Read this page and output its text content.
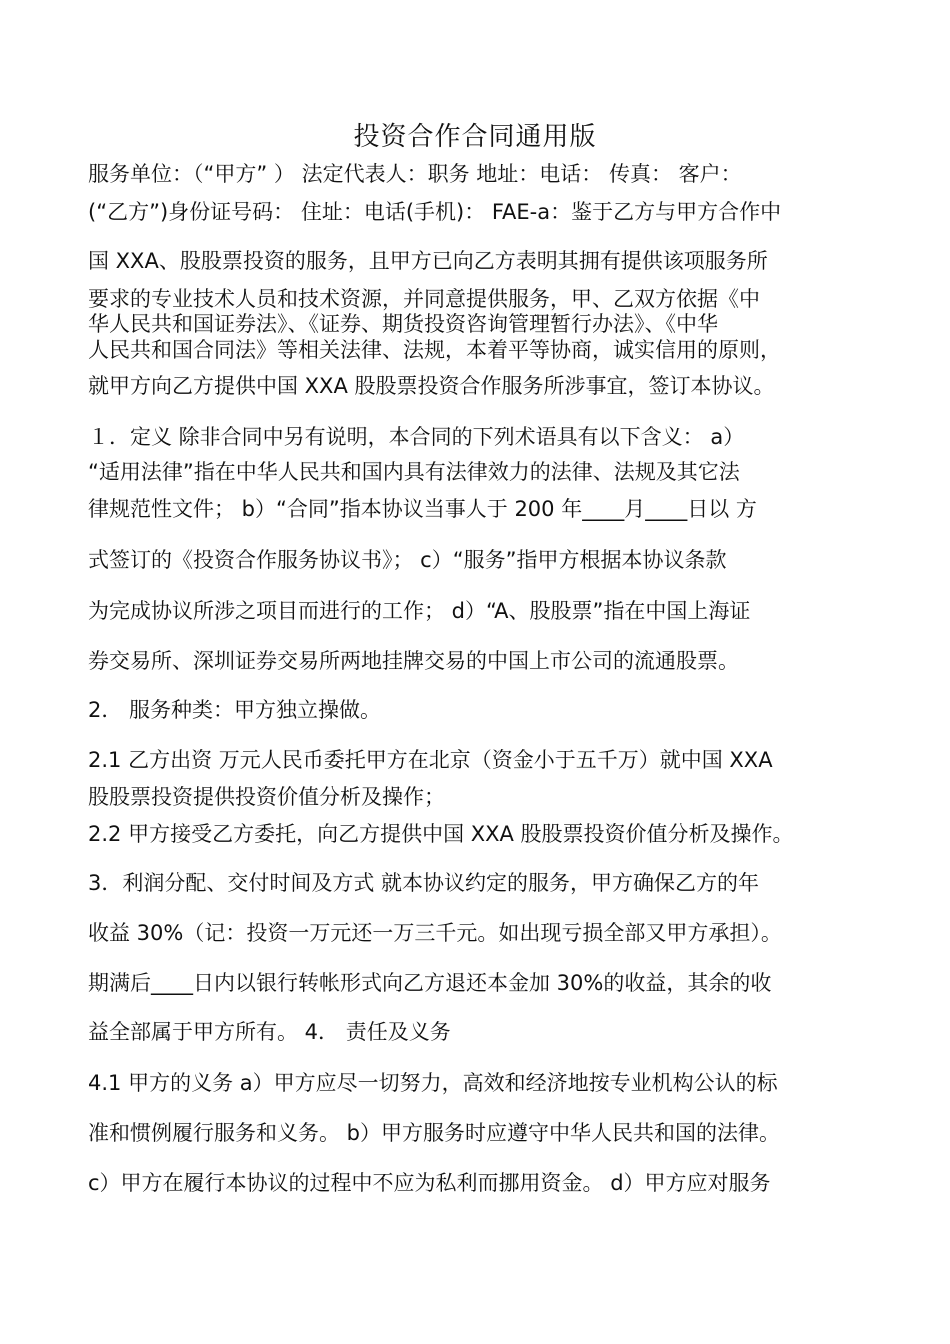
投资合作合同通用版
服务单位：（“甲方” ） 法定代表人：职务 地址：电话： 传真： 客户：
(“乙方”)身份证号码： 住址：电话(手机)： FAE-a：鉴于乙方与甲方合作中
国 XXA、股股票投资的服务，且甲方已向乙方表明其拥有提供该项服务所
要求的专业技术人员和技术资源，并同意提供服务，甲、乙双方依据《中
华人民共和国证券法》、《证券、期货投资咨询管理暂行办法》、《中华
人民共和国合同法》等相关法律、法规，本着平等协商，诚实信用的原则，
就甲方向乙方提供中国 XXA 股股票投资合作服务所涉事宜，签订本协议。
１．定义 除非合同中另有说明，本合同的下列术语具有以下含义： a）
“适用法律”指在中华人民共和国内具有法律效力的法律、法规及其它法
律规范性文件； b）“合同”指本协议当事人于 200 年____月____日以 方
式签订的《投资合作服务协议书》； c）“服务”指甲方根据本协议条款
为完成协议所涉之项目而进行的工作； d）“A、股股票”指在中国上海证
券交易所、深圳证券交易所两地挂牌交易的中国上市公司的流通股票。
2． 服务种类：甲方独立操做。
2.1 乙方出资 万元人民币委托甲方在北京（资金小于五千万）就中国 XXA
股股票投资提供投资价值分析及操作；
2.2 甲方接受乙方委托，向乙方提供中国 XXA 股股票投资价值分析及操作。
3．利润分配、交付时间及方式 就本协议约定的服务，甲方确保乙方的年
收益 30%（记：投资一万元还一万三千元。如出现亏损全部又甲方承担）。
期满后____日内以银行转帐形式向乙方退还本金加 30%的收益，其余的收
益全部属于甲方所有。 4． 责任及义务
4.1 甲方的义务 a）甲方应尽一切努力，高效和经济地按专业机构公认的标
准和惯例履行服务和义务。 b）甲方服务时应遵守中华人民共和国的法律。
c）甲方在履行本协议的过程中不应为私利而挪用资金。 d）甲方应对服务
